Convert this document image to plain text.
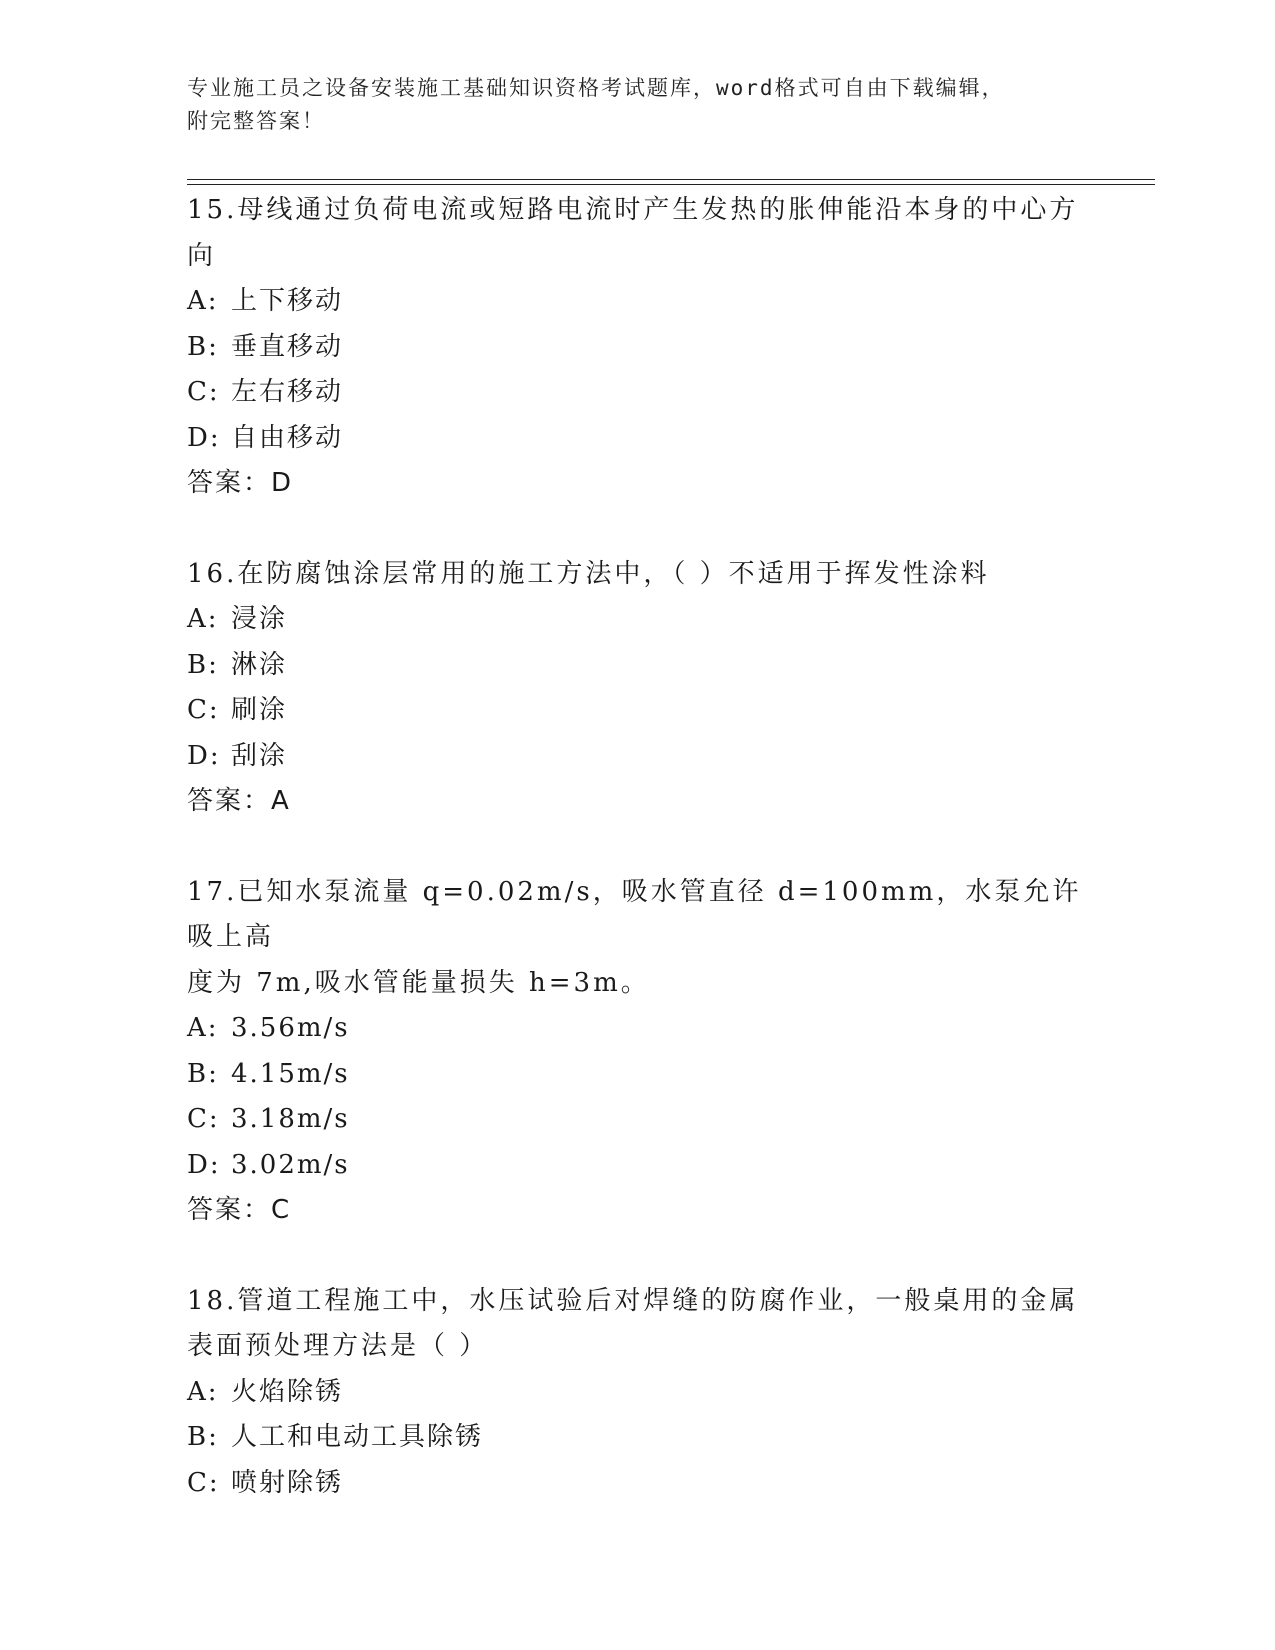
专业施工员之设备安装施工基础知识资格考试题库，word格式可自由下载编辑，
附完整答案！

15.母线通过负荷电流或短路电流时产生发热的胀伸能沿本身的中心方

向

A: 上下移动
B: 垂直移动
C: 左右移动
D: 自由移动

答案：D

16.在防腐蚀涂层常用的施工方法中，（ ）不适用于挥发性涂料

A: 浸涂
B: 淋涂
C: 刷涂
D: 刮涂

答案：A

17.已知水泵流量 q=0.02m/s，吸水管直径 d=100mm，水泵允许吸上高

度为 7m,吸水管能量损失 h=3m。

A: 3.56m/s
B: 4.15m/s
C: 3.18m/s
D: 3.02m/s

答案：C

18.管道工程施工中，水压试验后对焊缝的防腐作业，一般桌用的金属

表面预处理方法是（ ）

A: 火焰除锈
B: 人工和电动工具除锈
C: 喷射除锈
